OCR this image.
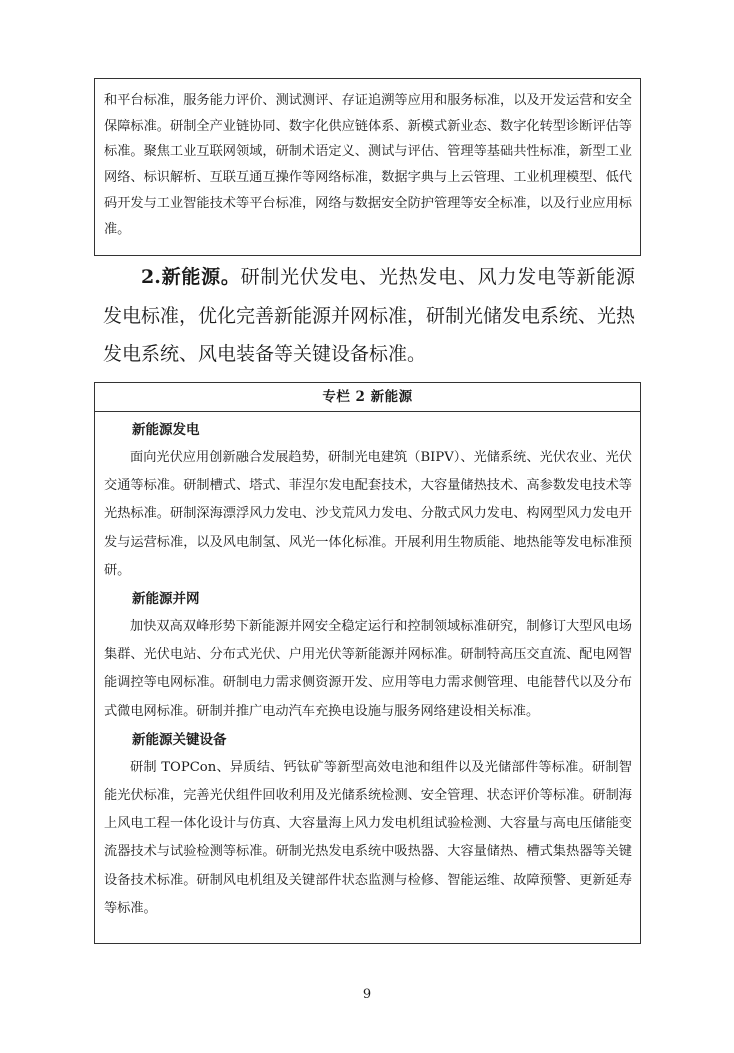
和平台标准，服务能力评价、测试测评、存证追溯等应用和服务标准，以及开发运营和安全保障标准。研制全产业链协同、数字化供应链体系、新模式新业态、数字化转型诊断评估等标准。聚焦工业互联网领域，研制术语定义、测试与评估、管理等基础共性标准，新型工业网络、标识解析、互联互通互操作等网络标准，数据字典与上云管理、工业机理模型、低代码开发与工业智能技术等平台标准，网络与数据安全防护管理等安全标准，以及行业应用标准。

2.新能源。研制光伏发电、光热发电、风力发电等新能源发电标准，优化完善新能源并网标准，研制光储发电系统、光热发电系统、风电装备等关键设备标准。

专栏 2 新能源

新能源发电

面向光伏应用创新融合发展趋势，研制光电建筑（BIPV）、光储系统、光伏农业、光伏交通等标准。研制槽式、塔式、菲涅尔发电配套技术，大容量储热技术、高参数发电技术等光热标准。研制深海漂浮风力发电、沙戈荒风力发电、分散式风力发电、构网型风力发电开发与运营标准，以及风电制氢、风光一体化标准。开展利用生物质能、地热能等发电标准预研。

新能源并网

加快双高双峰形势下新能源并网安全稳定运行和控制领域标准研究，制修订大型风电场集群、光伏电站、分布式光伏、户用光伏等新能源并网标准。研制特高压交直流、配电网智能调控等电网标准。研制电力需求侧资源开发、应用等电力需求侧管理、电能替代以及分布式微电网标准。研制并推广电动汽车充换电设施与服务网络建设相关标准。

新能源关键设备

研制 TOPCon、异质结、钙钛矿等新型高效电池和组件以及光储部件等标准。研制智能光伏标准，完善光伏组件回收利用及光储系统检测、安全管理、状态评价等标准。研制海上风电工程一体化设计与仿真、大容量海上风力发电机组试验检测、大容量与高电压储能变流器技术与试验检测等标准。研制光热发电系统中吸热器、大容量储热、槽式集热器等关键设备技术标准。研制风电机组及关键部件状态监测与检修、智能运维、故障预警、更新延寿等标准。

9
